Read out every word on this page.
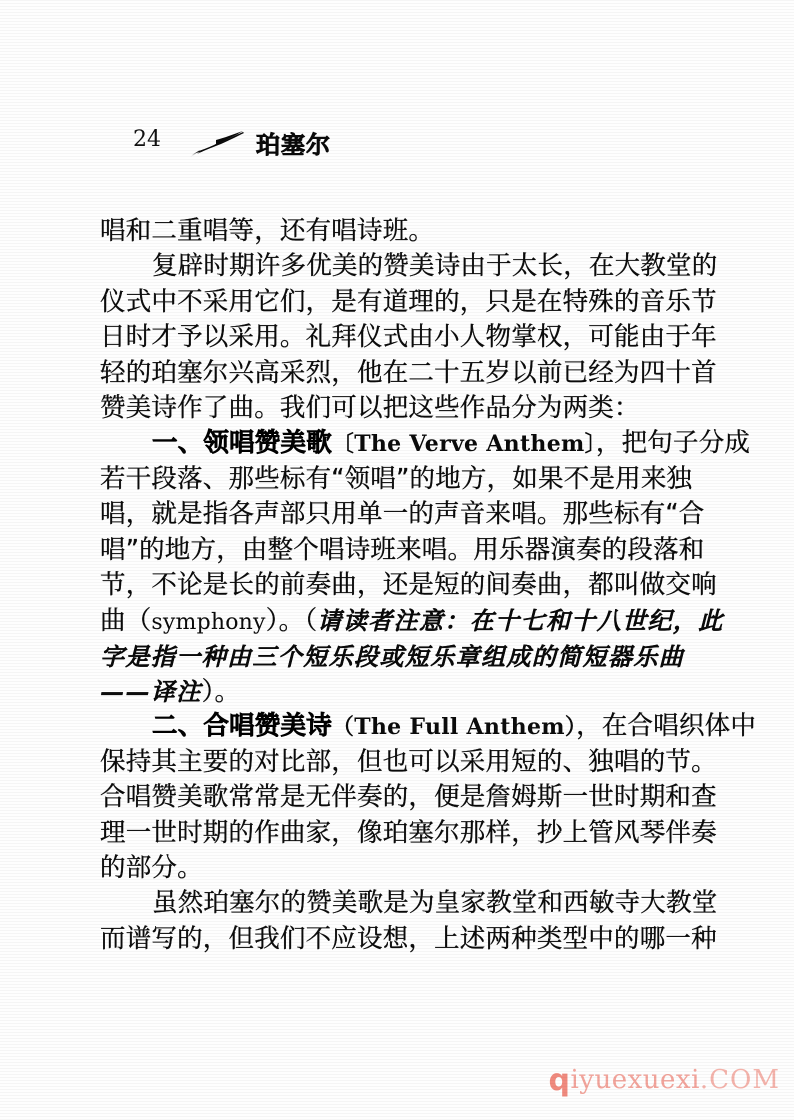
24	珀塞尔
唱和二重唱等，还有唱诗班。
复辟时期许多优美的赞美诗由于太长，在大教堂的
仪式中不采用它们，是有道理的，只是在特殊的音乐节
日时才予以采用。礼拜仪式由小人物掌权，可能由于年
轻的珀塞尔兴高采烈，他在二十五岁以前已经为四十首
赞美诗作了曲。我们可以把这些作品分为两类：
一、领唱赞美歌〔The Verve Anthem〕，把句子分成
若干段落、那些标有“领唱”的地方，如果不是用来独
唱，就是指各声部只用单一的声音来唱。那些标有“合
唱”的地方，由整个唱诗班来唱。用乐器演奏的段落和
节，不论是长的前奏曲，还是短的间奏曲，都叫做交响
曲（symphony）。（请读者注意：在十七和十八世纪，此
字是指一种由三个短乐段或短乐章组成的简短器乐曲
——译注）。
二、合唱赞美诗（The Full Anthem），在合唱织体中
保持其主要的对比部，但也可以采用短的、独唱的节。
合唱赞美歌常常是无伴奏的，便是詹姆斯一世时期和查
理一世时期的作曲家，像珀塞尔那样，抄上管风琴伴奏
的部分。
虽然珀塞尔的赞美歌是为皇家教堂和西敏寺大教堂
而谱写的，但我们不应设想，上述两种类型中的哪一种
qiyuexuexi.COM
